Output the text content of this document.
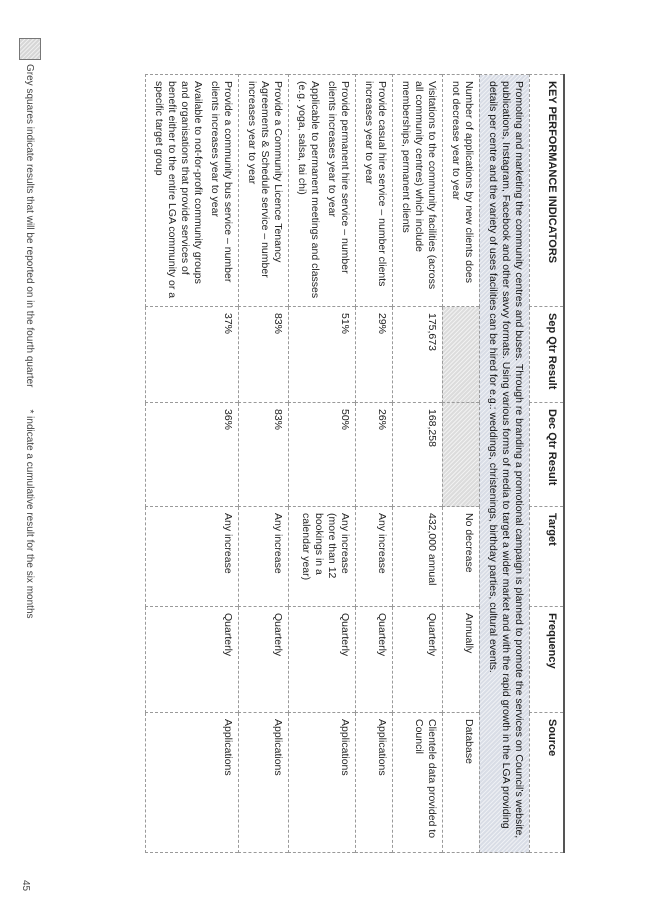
KEY PERFORMANCE INDICATORS	Sep Qtr Result	Dec Qtr Result	Target	Frequency	Source
Promoting and marketing the community centres and buses. Through re branding a promotional campaign is planned to promote the services on Council’s website, publications, Instagram, Facebook and other savvy formats. Using various forms of media to target a wider market and with the rapid growth in the LGA providing details per centre and the variety of uses facilities can be hired for e.g.: weddings, christenings, birthday parties, cultural events.					
Number of applications by new clients does not decrease year to year			No decrease	Annually	Database
Visitations to the community facilities (across all community centres) which include memberships, permanent clients	175,673	168,258	432,000 annual	Quarterly	Clientele data provided to Council
Provide casual hire service – number clients increases year to year	29%	26%	Any increase	Quarterly	Applications

Provide permanent hire service – number clients increases year to year
Applicable to permanent meetings and classes (e.g. yoga, salsa, tai chi)	51%	50%	Any increase (more than 12 bookings in a calendar year)	Quarterly	Applications
Provide a Community Licence Tenancy Agreements & Schedule service – number increases year to year	83%	83%	Any increase	Quarterly	Applications

Provide a community bus service – number clients increases year to year
Available to not-for-profit community groups and organisations that provide services of benefit either to the entire LGA community or a specific target group	37%	36%	Any increase	Quarterly	Applications
Grey squares indicate results that will be reported on in the fourth quarter
* indicate a cumulative result for the six months
45
